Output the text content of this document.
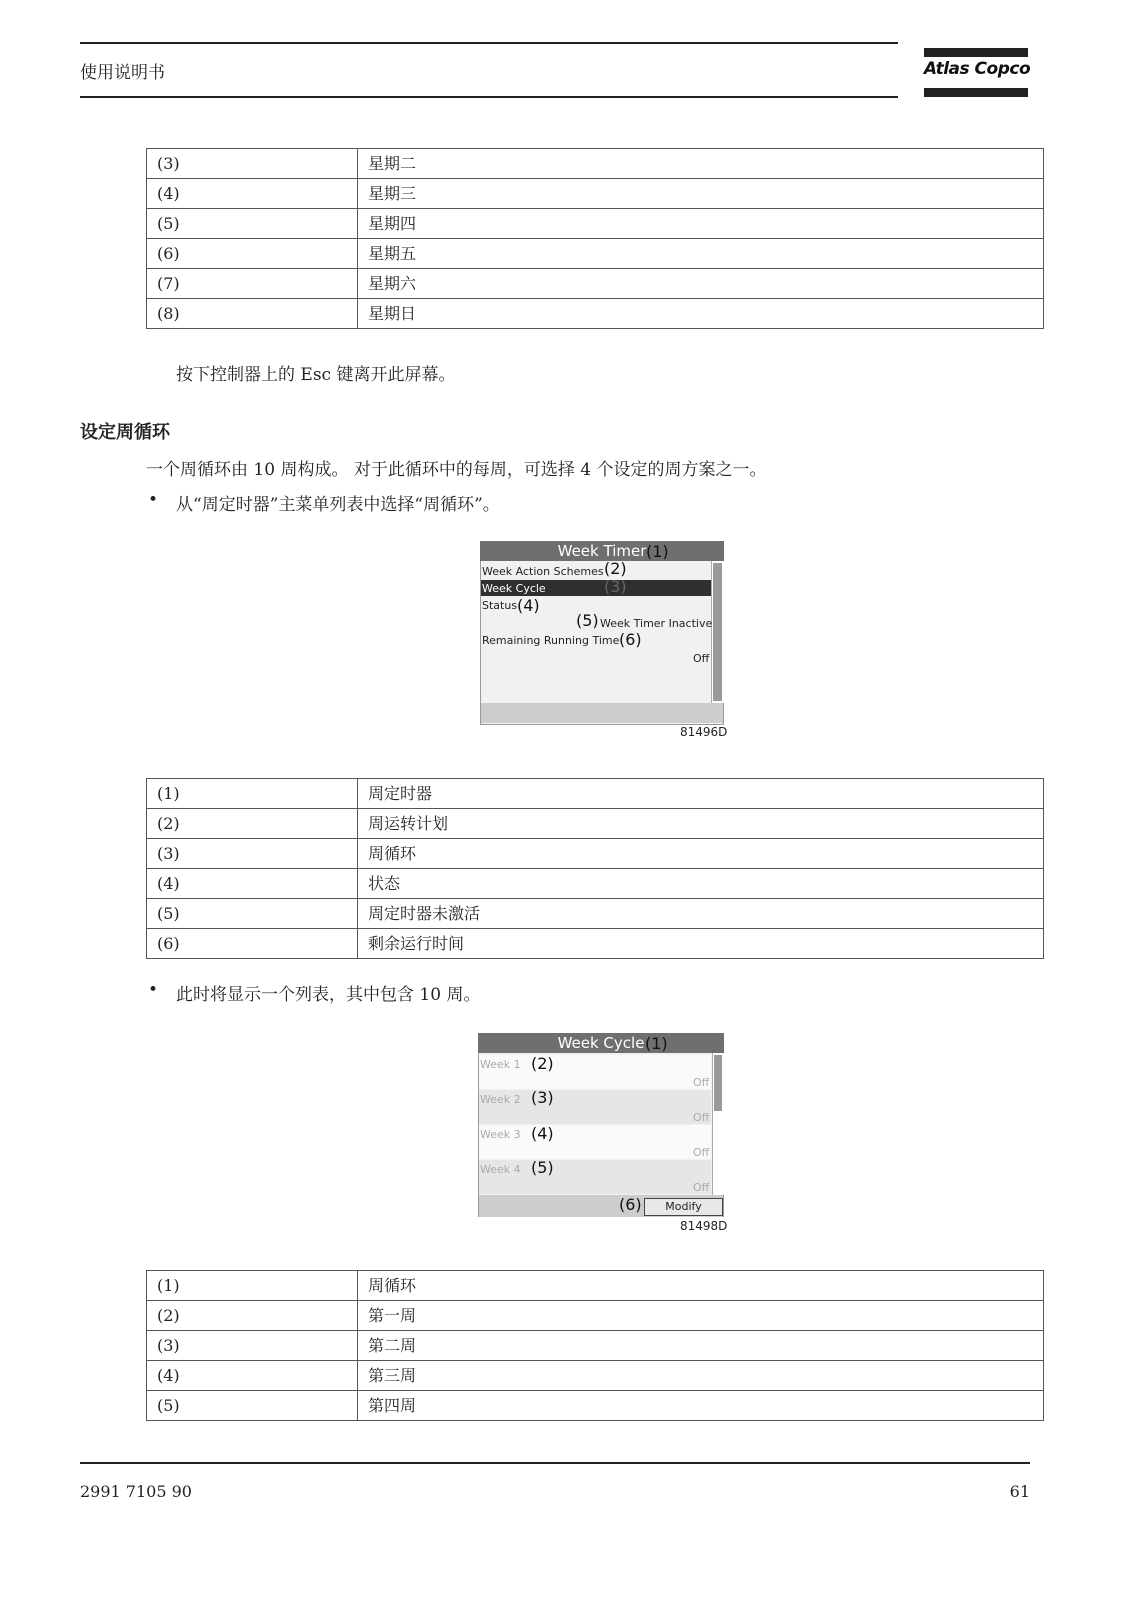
使用说明书	Atlas Copco
(3)	星期二
(4)	星期三
(5)	星期四
(6)	星期五
(7)	星期六
(8)	星期日
按下控制器上的 Esc 键离开此屏幕。
设定周循环
一个周循环由 10 周构成。 对于此循环中的每周，可选择 4 个设定的周方案之一。
• 从“周定时器”主菜单列表中选择“周循环”。
Week Timer (1)
Week Action Schemes (2)
Week Cycle	(3)
Status (4)
(5) Week Timer Inactive
Remaining Running Time (6)
Off
81496D
(1)	周定时器
(2)	周运转计划
(3)	周循环
(4)	状态
(5)	周定时器未激活
(6)	剩余运行时间
• 此时将显示一个列表，其中包含 10 周。
Week Cycle (1)
Week 1 (2)
Off
Week 2 (3)
Off
Week 3 (4)
Off
Week 4 (5)
Off
(6)	Modify
81498D
(1)	周循环
(2)	第一周
(3)	第二周
(4)	第三周
(5)	第四周
2991 7105 90	61
